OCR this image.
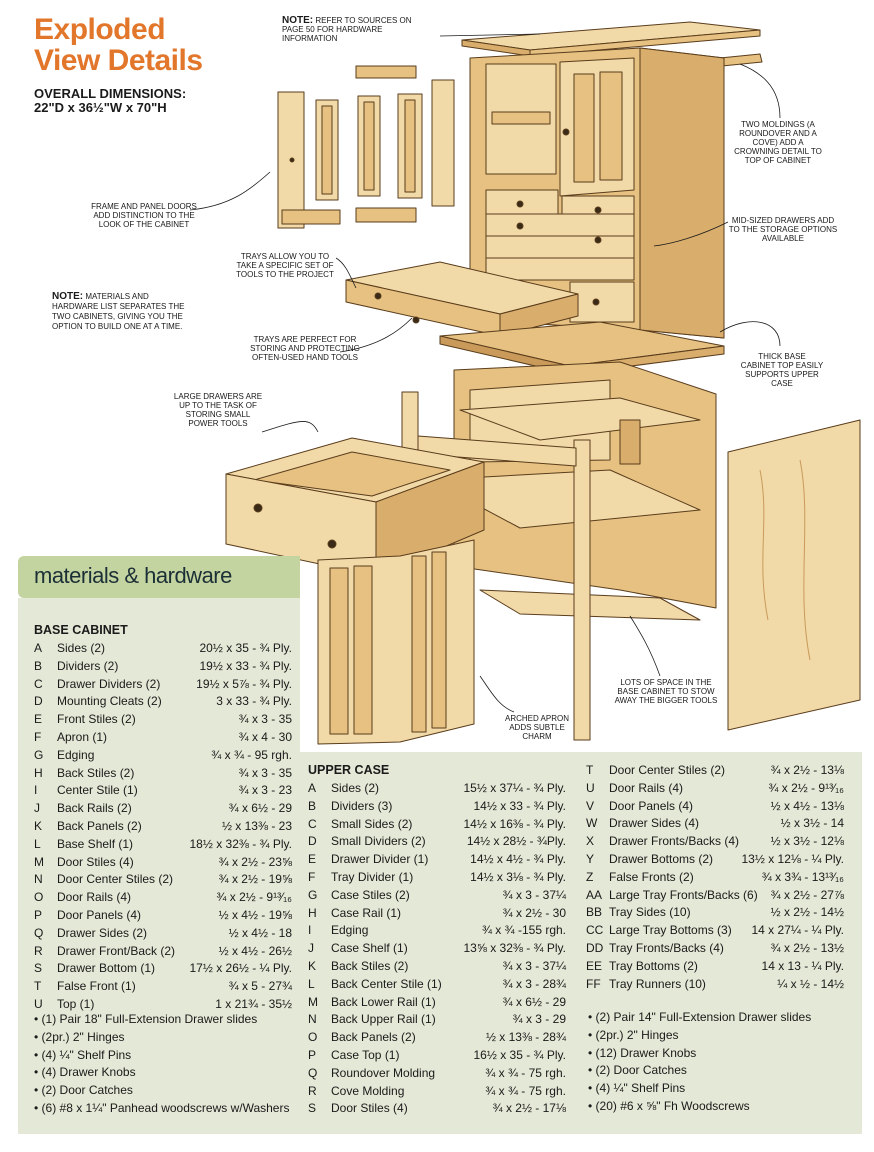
Exploded
View Details
OVERALL DIMENSIONS:
22"D x 36½"W x 70"H
NOTE: REFER TO SOURCES ON PAGE 50 FOR HARDWARE INFORMATION
NOTE: MATERIALS AND HARDWARE LIST SEPARATES THE TWO CABINETS, GIVING YOU THE OPTION TO BUILD ONE AT A TIME.
TWO MOLDINGS (A ROUNDOVER AND A COVE) ADD A CROWNING DETAIL TO TOP OF CABINET
FRAME AND PANEL DOORS ADD DISTINCTION TO THE LOOK OF THE CABINET
TRAYS ALLOW YOU TO TAKE A SPECIFIC SET OF TOOLS TO THE PROJECT
MID-SIZED DRAWERS ADD TO THE STORAGE OPTIONS AVAILABLE
TRAYS ARE PERFECT FOR STORING AND PROTECTING OFTEN-USED HAND TOOLS	THICK BASE CABINET TOP EASILY SUPPORTS UPPER CASE
LARGE DRAWERS ARE UP TO THE TASK OF STORING SMALL POWER TOOLS
LOTS OF SPACE IN THE BASE CABINET TO STOW AWAY THE BIGGER TOOLS
ARCHED APRON ADDS SUBTLE CHARM
materials & hardware
BASE CABINET
UPPER CASE
A Sides (2)	20½ x 35 - ¾ Ply.
B Dividers (2)	19½ x 33 - ¾ Ply.
C Drawer Dividers (2)	19½ x 5⅞ - ¾ Ply.
D Mounting Cleats (2)	3 x 33 - ¾ Ply.
E Front Stiles (2)	¾ x 3 - 35
F Apron (1)	¾ x 4 - 30
G Edging	¾ x ¾ - 95 rgh.
H Back Stiles (2)	¾ x 3 - 35
I Center Stile (1)	¾ x 3 - 23
J Back Rails (2)	¾ x 6½ - 29
K Back Panels (2)	½ x 13⅜ - 23
L Base Shelf (1)	18½ x 32⅜ - ¾ Ply.
M Door Stiles (4)	¾ x 2½ - 23⅝
N Door Center Stiles (2)	¾ x 2½ - 19⅝
O Door Rails (4)	¾ x 2½ - 9¹³⁄₁₆
P Door Panels (4)	½ x 4½ - 19⅝
Q Drawer Sides (2)	½ x 4½ - 18
R Drawer Front/Back (2)	½ x 4½ - 26½
S Drawer Bottom (1)	17½ x 26½ - ¼ Ply.
T False Front (1)	¾ x 5 - 27¾
U Top (1)	1 x 21¾ - 35½
• (1) Pair 18" Full-Extension Drawer slides
• (2pr.) 2" Hinges
• (4) ¼" Shelf Pins
• (4) Drawer Knobs
• (2) Door Catches
• (6) #8 x 1¼" Panhead woodscrews w/Washers
A Sides (2)	15½ x 37¼ - ¾ Ply.
B Dividers (3)	14½ x 33 - ¾ Ply.
C Small Sides (2)	14½ x 16⅜ - ¾ Ply.
D Small Dividers (2)	14½ x 28½ - ¾Ply.
E Drawer Divider (1)	14½ x 4½ - ¾ Ply.
F Tray Divider (1)	14½ x 3⅛ - ¾ Ply.
G Case Stiles (2)	¾ x 3 - 37¼
H Case Rail (1)	¾ x 2½ - 30
I Edging	¾ x ¾ -155 rgh.
J Case Shelf (1)	13⅝ x 32⅜ - ¾ Ply.
K Back Stiles (2)	¾ x 3 - 37¼
L Back Center Stile (1)	¾ x 3 - 28¾
M Back Lower Rail (1)	¾ x 6½ - 29
N Back Upper Rail (1)	¾ x 3 - 29
O Back Panels (2)	½ x 13⅜ - 28¾
P Case Top (1)	16½ x 35 - ¾ Ply.
Q Roundover Molding	¾ x ¾ - 75 rgh.
R Cove Molding	¾ x ¾ - 75 rgh.
S Door Stiles (4)	¾ x 2½ - 17⅛
T Door Center Stiles (2)	¾ x 2½ - 13⅛
U Door Rails (4)	¾ x 2½ - 9¹³⁄₁₆
V Door Panels (4)	½ x 4½ - 13⅛
W Drawer Sides (4)	½ x 3½ - 14
X Drawer Fronts/Backs (4)	½ x 3½ - 12⅛
Y Drawer Bottoms (2) 13½ x 12⅛ - ¼ Ply.
Z False Fronts (2)	¾ x 3¾ - 13¹³⁄₁₆
AA Large Tray Fronts/Backs (6) ¾ x 2½ - 27⅞
BB Tray Sides (10)	½ x 2½ - 14½
CC Large Tray Bottoms (3) 14 x 27¼ - ¼ Ply.
DD Tray Fronts/Backs (4)	¾ x 2½ - 13½
EE Tray Bottoms (2)	14 x 13 - ¼ Ply.
FF Tray Runners (10)	¼ x ½ - 14½
• (2) Pair 14" Full-Extension Drawer slides
• (2pr.) 2" Hinges
• (12) Drawer Knobs
• (2) Door Catches
• (4) ¼" Shelf Pins
• (20) #6 x ⅝" Fh Woodscrews
